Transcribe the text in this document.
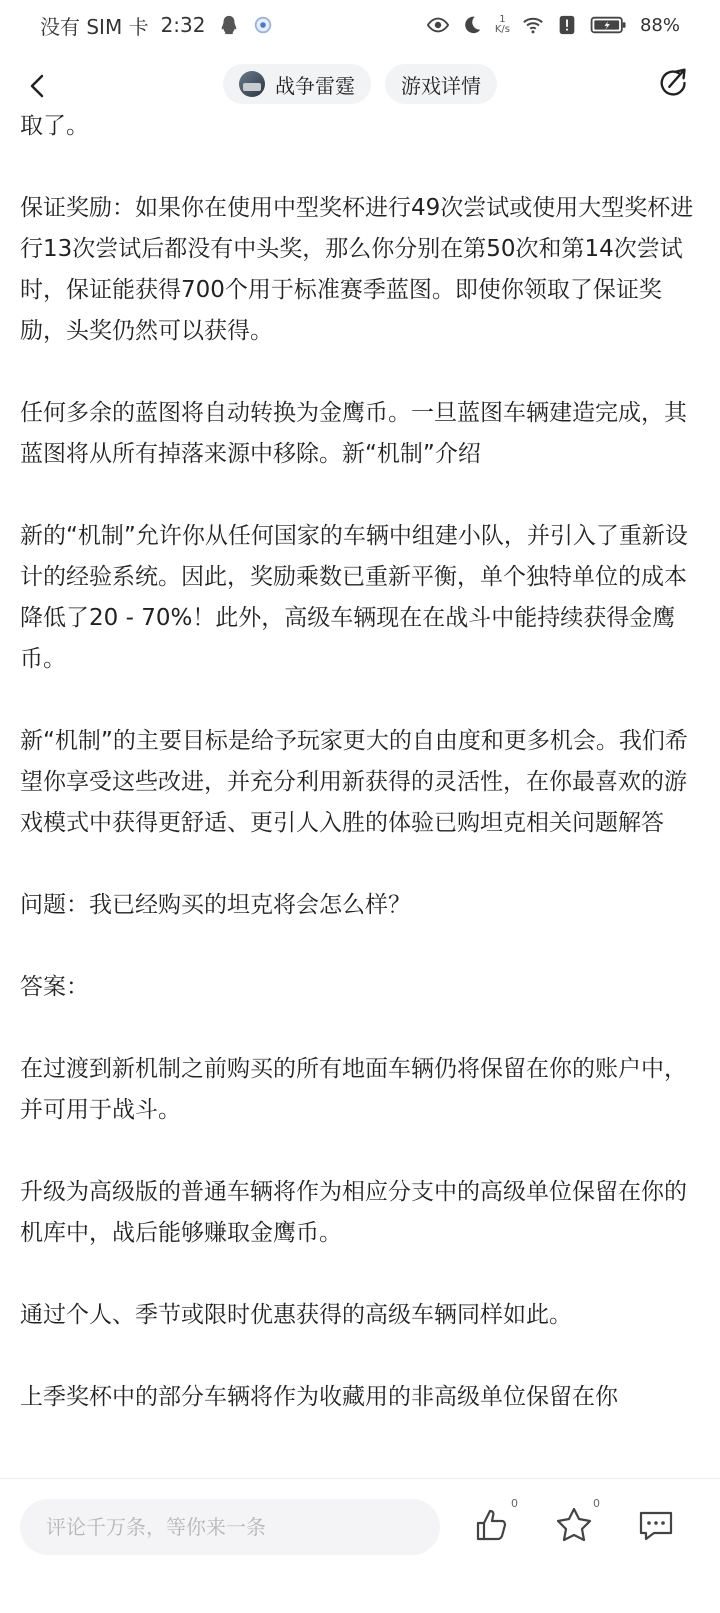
没有 SIM 卡 2:32	1
K/s	88%
战争雷霆 游戏详情

取了。

保证奖励：如果你在使用中型奖杯进行49次尝试或使用大型奖杯进行13次尝试后都没有中头奖，那么你分别在第50次和第14次尝试时，保证能获得700个用于标准赛季蓝图。即使你领取了保证奖励，头奖仍然可以获得。

任何多余的蓝图将自动转换为金鹰币。一旦蓝图车辆建造完成，其蓝图将从所有掉落来源中移除。新“机制”介绍

新的“机制”允许你从任何国家的车辆中组建小队，并引入了重新设计的经验系统。因此，奖励乘数已重新平衡，单个独特单位的成本降低了20 - 70%！此外，高级车辆现在在战斗中能持续获得金鹰币。

新“机制”的主要目标是给予玩家更大的自由度和更多机会。我们希望你享受这些改进，并充分利用新获得的灵活性，在你最喜欢的游戏模式中获得更舒适、更引人入胜的体验已购坦克相关问题解答

问题：我已经购买的坦克将会怎么样？

答案：

在过渡到新机制之前购买的所有地面车辆仍将保留在你的账户中，并可用于战斗。

升级为高级版的普通车辆将作为相应分支中的高级单位保留在你的机库中，战后能够赚取金鹰币。

通过个人、季节或限时优惠获得的高级车辆同样如此。

上季奖杯中的部分车辆将作为收藏用的非高级单位保留在你

评论千万条，等你来一条
0	0
